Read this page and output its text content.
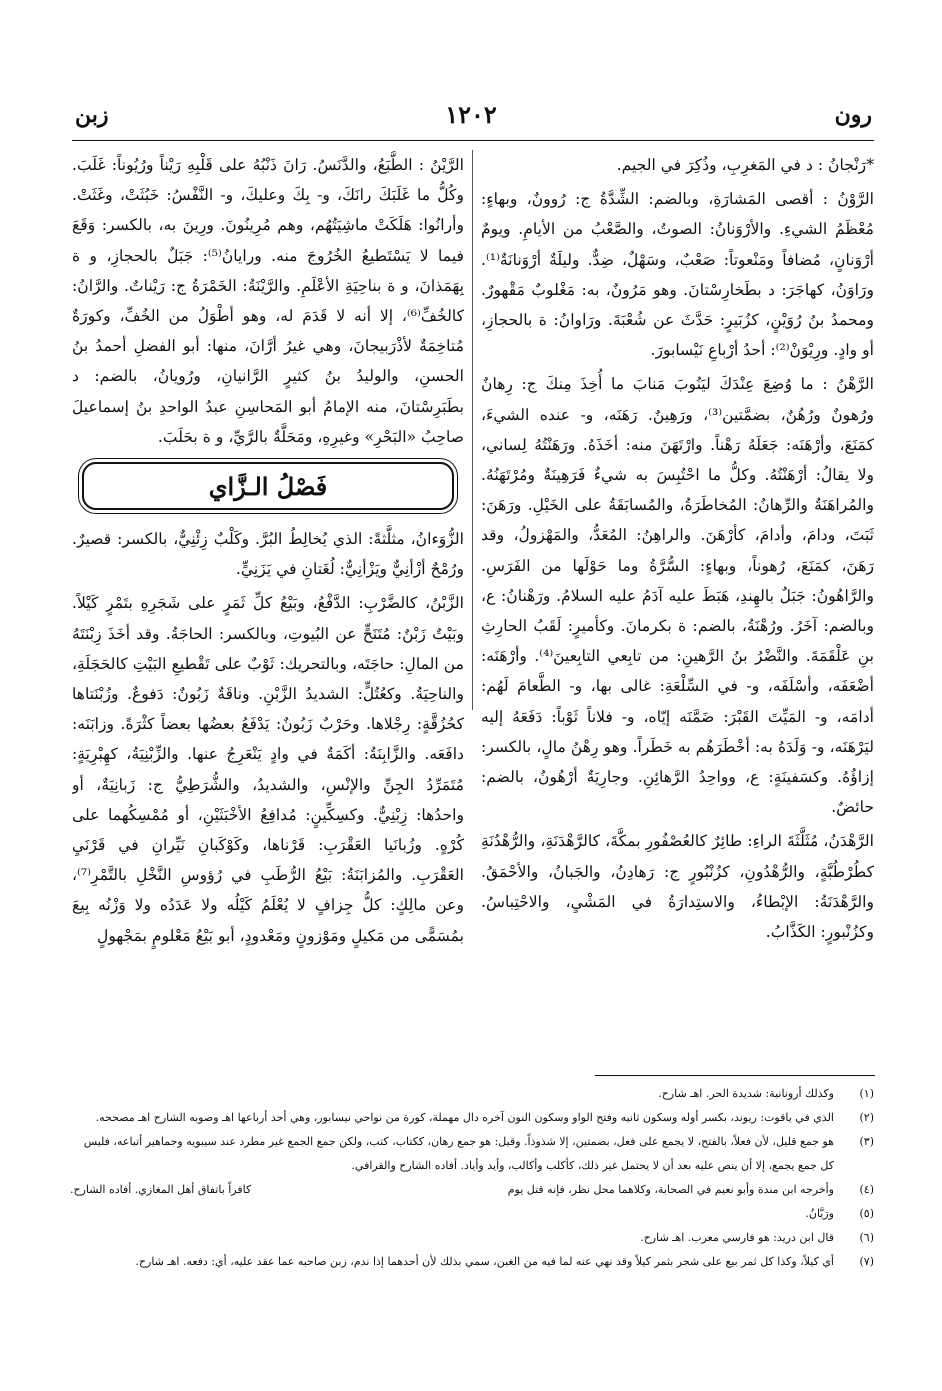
رون
١٢٠٢
زبن

*رَنْجانُ : د في المَغرِبِ، وذُكِرَ في الجيم.

الرَّوْنُ : أقصى المَشارَةِ، وبالضم: الشِّدَّةُ ج: رُوونٌ، وبهاءٍ: مُعْظَمُ الشيءِ. والأرْوَنانُ: الصوتُ، والصَّعْبُ من الأيامِ. ويومٌ أرْوَنانٍ، مُضافاً ومَنْعوتاً: صَعْبٌ، وسَهْلٌ، ضِدٌّ. وليلَةٌ أرْوَنانَةٌ⁽¹⁾. ورَاوَنُ، كهاجَرَ: د بطَخارِسْتانَ. وهو مَرُونٌ، به: مَغْلوبٌ مَقْهورٌ. ومحمدُ بنُ رُوَيْنٍ، كزُبَيرٍ: حَدَّثَ عن شُعْبَةَ. ورَاوانُ: ة بالحجازِ، أو وادٍ. ورِيْوَنْ⁽²⁾: أحدُ أرْباعِ نَيْسابورَ.

الرَّهْنُ : ما وُضِعَ عِنْدَكَ ليَنُوبَ مَنابَ ما أُخِذَ مِنكَ ج: رِهانٌ ورُهونٌ ورُهُنٌ، بضمَّتين⁽³⁾، ورَهِينٌ. رَهَنَه، و- عنده الشيءَ، كمَنَعَ، وأرْهَنَه: جَعَلَهُ رَهْناً. وارْتَهَنَ منه: أخَذَهُ. ورَهَنْتُهُ لِساني، ولا يقالُ: أرْهَنْتُهُ. وكلُّ ما احْتُبِسَ به شيءٌ فَرَهِينَةٌ ومُرْتَهَنُهُ. والمُراهَنَةُ والرِّهانُ: المُخاطَرَةُ، والمُسابَقَةُ على الخَيْلِ. ورَهَنَ: ثَبَتَ، ودامَ، وأدامَ، كأرْهَنَ. والراهِنُ: المُعَدُّ، والمَهْزولُ، وقد رَهَنَ، كمَنَعَ، رُهوناً، وبهاءٍ: السُّرَّةُ وما حَوْلَها من الفَرَسِ. والرَّاهُونُ: جَبَلٌ بالهِندِ، هَبَطَ عليه آدَمُ عليه السلامُ. ورَهْنانُ: ع، وبالضم: آخَرُ. ورُهْنَةُ، بالضم: ة بكرمانَ. وكأميرٍ: لَقَبُ الحارِثِ بنِ عَلْقَمَةَ. والنَّضْرُ بنُ الرَّهينِ: من تابِعي التابِعينَ⁽⁴⁾. وأرْهَنَه: أضْعَفَه، وأسْلَفَه، و- في السِّلْعَةِ: غالى بها، و- الطَّعامَ لَهُم: أدامَه، و- المَيِّتَ القَبْرَ: ضَمَّنَه إيّاه، و- فلاناً ثَوْباً: دَفَعَهُ إليه ليَرْهَنَه، و- وَلَدَهُ به: أخْطَرَهُم به خَطَراً. وهو رِهْنُ مالٍ، بالكسر: إزاؤُهُ. وكسَفينَةٍ: ع، وواحِدُ الرَّهائِنِ. وجارِيَةٌ أرْهُونُ، بالضم: حائضٌ.

الرَّهْدَنُ، مُثَلَّثَةَ الراءِ: طائِرٌ كالعُصْفُورِ بمكَّةَ، كالرَّهْدَنَةِ، والرُّهْدُنَةِ كطُرْطُبَّةٍ، والرُّهْدُونِ، كزُنْبُورٍ ج: رَهادِنُ، والجَبانُ، والأحْمَقُ. والرَّهْدَنَةُ: الإبْطاءُ، والاستِدارَةُ في المَشْيِ، والاحْتِباسُ. وكزُنْبورٍ: الكَذَّابُ.

الرَّيْنُ : الطَّبَعُ، والدَّنَسُ. رَانَ ذَنْبُهُ على قَلْبِهِ رَيْناً ورُيُوناً: غَلَبَ. وكُلُّ ما غَلَبَكَ رانَكَ، و- بِكَ وعليكَ، و- النَّفْسُ: خَبُثَتْ، وغَثَتْ. وأرانُوا: هَلَكَتْ ماشِيَتُهُم، وهم مُرِينُونَ. ورِينَ به، بالكسر: وَقَعَ فيما لا يَسْتَطيعُ الخُرُوجَ منه. ورايانُ⁽⁵⁾: جَبَلٌ بالحجازِ، و ة بِهَمَذانَ، و ة بناحِيَةِ الأعْلَمِ. والرَّيْنَةُ: الخَمْرَةُ ج: رَيْناتٌ. والرَّانُ: كالخُفِّ⁽⁶⁾، إلا أنه لا قَدَمَ له، وهو أطْوَلُ من الخُفِّ، وكورَةٌ مُتاخِمَةٌ لأذْرَبيجانَ، وهي غيرُ أرَّانَ، منها: أبو الفضلِ أحمدُ بنُ الحسنِ، والوليدُ بنُ كثيرٍ الرَّانيانِ، ورُويانُ، بالضم: د بطَبَرِسْتانَ، منه الإمامُ أبو المَحاسِنِ عبدُ الواحدِ بنُ إسماعيلَ صاحِبُ «البَحْرِ» وغيرِهِ، ومَحَلَّةٌ بالرَّيِّ، و ة بحَلَبَ.

فَصْلُ الـزَّاي

الزُّوَءانُ، مثلَّثةً: الذي يُخالِطُ البُرَّ. وكَلْبٌ زِئْنِيٌّ، بالكسر: قصيرٌ. ورُمْحٌ أزْأنِيٌّ ويَزْأنِيٌّ: لُغَتانِ في يَزَنِيٍّ.

الزَّبْنُ، كالضَّرْبِ: الدَّفْعُ، وبَيْعُ كلِّ ثَمَرٍ على شَجَرِهِ بتَمْرٍ كَيْلاً. وبَيْتٌ زَبْنٌ: مُتَنَحٍّ عن البُيوتِ، وبالكسر: الحاجَةُ. وقد أخَذَ زِبْنَتَهُ من المالِ: حاجَتَه، وبالتحريك: ثَوْبٌ على تَقْطيعِ البَيْتِ كالحَجَلَةِ، والناحِيَةُ. وكعُتُلٍّ: الشديدُ الزَّبْنِ. وناقَةٌ زَبُونٌ: دَفوعٌ. وزُبْنَتاها كحُزُقَّةٍ: رِجْلاها. وحَرْبٌ زَبُونٌ: يَدْفَعُ بعضُها بعضاً كثْرَةً. وزابَنَه: دافَعَه. والزَّابِنَةُ: أكَمَةٌ في وادٍ يَنْعَرِجُ عنها. والزِّبْنِيَةُ، كهِبْرِيَةٍ: مُتَمَرِّدُ الجِنِّ والإنْسِ، والشديدُ، والشُّرَطِيُّ ج: زَبانِيَةٌ، أو واحدُها: زِبْنِيٌّ. وكسِكِّينٍ: مُدافِعُ الأخْبَثَيْنِ، أو مُمْسِكُهما على كُرْهٍ. وزُبانَيا العَقْرَبِ: قَرْناها، وكَوْكَبانِ نَيِّرانِ في قَرْنَيِ العَقْرَبِ. والمُزابَنَةُ: بَيْعُ الرُّطَبِ في رُؤوسِ النَّخْلِ بالتَّمْرِ⁽⁷⁾، وعن مالِكٍ: كلُّ جِزافٍ لا يُعْلَمُ كَيْلُه ولا عَدَدُه ولا وَزْنُه بِيعَ بمُسَمًّى من مَكيلٍ ومَوْزونٍ ومَعْدودٍ، أبو بَيْعُ مَعْلومٍ بمَجْهولٍ

(١)
وكذلك أرونانية: شديدة الحر. اهـ شارح.
(٢)
الذي في ياقوت: ريوند، بكسر أوله وسكون ثانيه وفتح الواو وسكون النون آخره دال مهملة، كورة من نواحي نيسابور، وهي أحد أرباعها اهـ وصوبه الشارح اهـ مصححه.
(٣)
هو جمع قليل، لأن فعلاً، بالفتح، لا يجمع على فعل، بضمتين، إلا شذوذاً. وقيل: هو جمع رهان، ككتاب، كتب، ولكن جمع الجمع غير مطرد عند سيبويه وجماهير أتباعه، فليس كل جمع يجمع، إلا أن ينص عليه بعد أن لا يحتمل غير ذلك، كأكلب وأكالب، وأيد وأياد. أفاده الشارح والقرافي.
(٤)
وأخرجه ابن مندة وأبو نعيم في الصحابة، وكلاهما محل نظر، فإنه قتل يوم
كافراً باتفاق أهل المغازي. أفاده الشارح.
(٥)
ورَيَّانُ.
(٦)
قال ابن دريد: هو فارسي معرب. اهـ شارح.
(٧)
أي كيلاً، وكذا كل ثمر بيع على شجر بثمر كيلاً وقد نهي عنه لما فيه من الغبن، سمي بذلك لأن أحدهما إذا ندم، زبن صاحبه عما عقد عليه، أي: دفعه. اهـ شارح.
